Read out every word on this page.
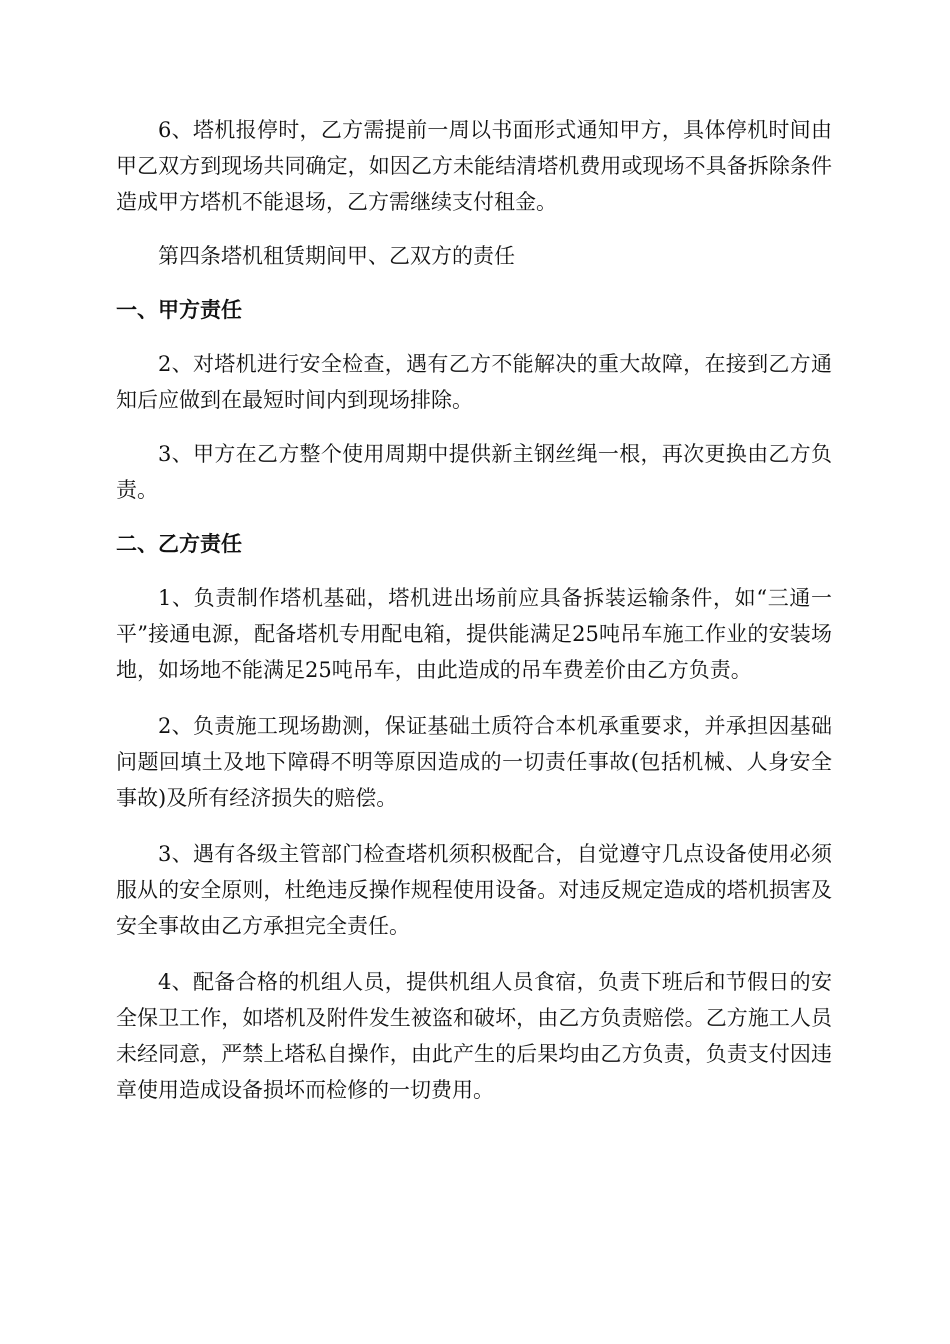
6、塔机报停时，乙方需提前一周以书面形式通知甲方，具体停机时间由甲乙双方到现场共同确定，如因乙方未能结清塔机费用或现场不具备拆除条件造成甲方塔机不能退场，乙方需继续支付租金。

第四条塔机租赁期间甲、乙双方的责任

一、甲方责任

2、对塔机进行安全检查，遇有乙方不能解决的重大故障，在接到乙方通知后应做到在最短时间内到现场排除。

3、甲方在乙方整个使用周期中提供新主钢丝绳一根，再次更换由乙方负责。

二、乙方责任

1、负责制作塔机基础，塔机进出场前应具备拆装运输条件，如“三通一平”接通电源，配备塔机专用配电箱，提供能满足25吨吊车施工作业的安装场地，如场地不能满足25吨吊车，由此造成的吊车费差价由乙方负责。

2、负责施工现场勘测，保证基础土质符合本机承重要求，并承担因基础问题回填土及地下障碍不明等原因造成的一切责任事故(包括机械、人身安全事故)及所有经济损失的赔偿。

3、遇有各级主管部门检查塔机须积极配合，自觉遵守几点设备使用必须服从的安全原则，杜绝违反操作规程使用设备。对违反规定造成的塔机损害及安全事故由乙方承担完全责任。

4、配备合格的机组人员，提供机组人员食宿，负责下班后和节假日的安全保卫工作，如塔机及附件发生被盗和破坏，由乙方负责赔偿。乙方施工人员未经同意，严禁上塔私自操作，由此产生的后果均由乙方负责，负责支付因违章使用造成设备损坏而检修的一切费用。
